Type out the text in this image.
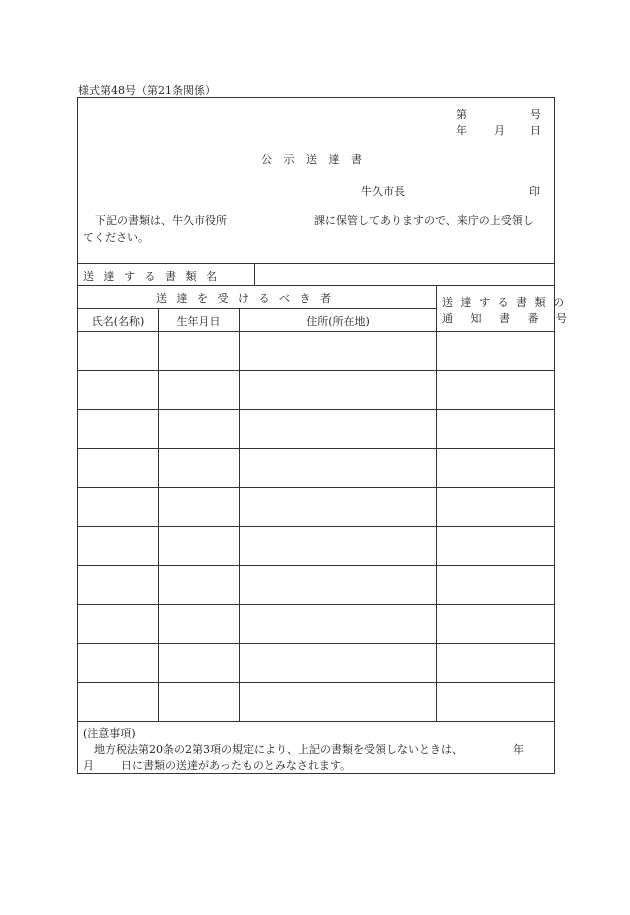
様式第48号（第21条関係）
第	号
年 月 日
公 示 送 達 書
牛久市長	印
下記の書類は、牛久市役所	課に保管してありますので、来庁の上受領し
てください。
送 達 す る 書 類 名
送 達 を 受 け る べ き 者	送 達 す る 書 類 の
通 知 書 番 号
氏名(名称)	生年月日	住所(所在地)
(注意事項)
地方税法第20条の2第3項の規定により、上記の書類を受領しないときは、	年
月 日に書類の送達があったものとみなされます。
